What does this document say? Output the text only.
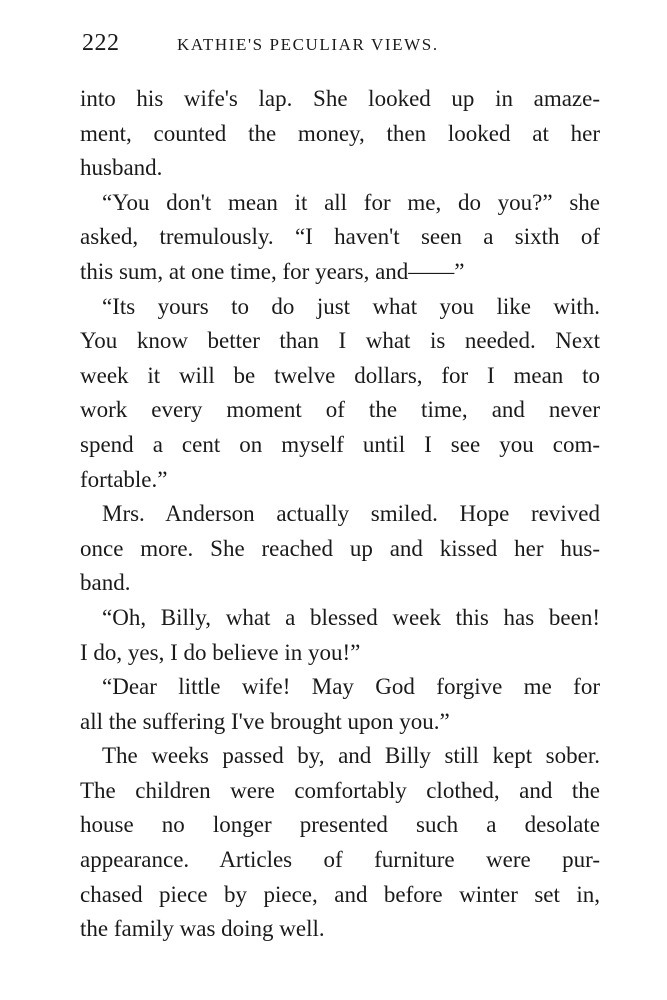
222	KATHIE'S PECULIAR VIEWS.
into his wife's lap. She looked up in amaze-
ment, counted the money, then looked at her
husband.
“You don't mean it all for me, do you?” she
asked, tremulously. “I haven't seen a sixth of
this sum, at one time, for years, and——”
“Its yours to do just what you like with.
You know better than I what is needed. Next
week it will be twelve dollars, for I mean to
work every moment of the time, and never
spend a cent on myself until I see you com-
fortable.”
Mrs. Anderson actually smiled. Hope revived
once more. She reached up and kissed her hus-
band.
“Oh, Billy, what a blessed week this has been!
I do, yes, I do believe in you!”
“Dear little wife! May God forgive me for
all the suffering I've brought upon you.”
The weeks passed by, and Billy still kept sober.
The children were comfortably clothed, and the
house no longer presented such a desolate
appearance. Articles of furniture were pur-
chased piece by piece, and before winter set in,
the family was doing well.
